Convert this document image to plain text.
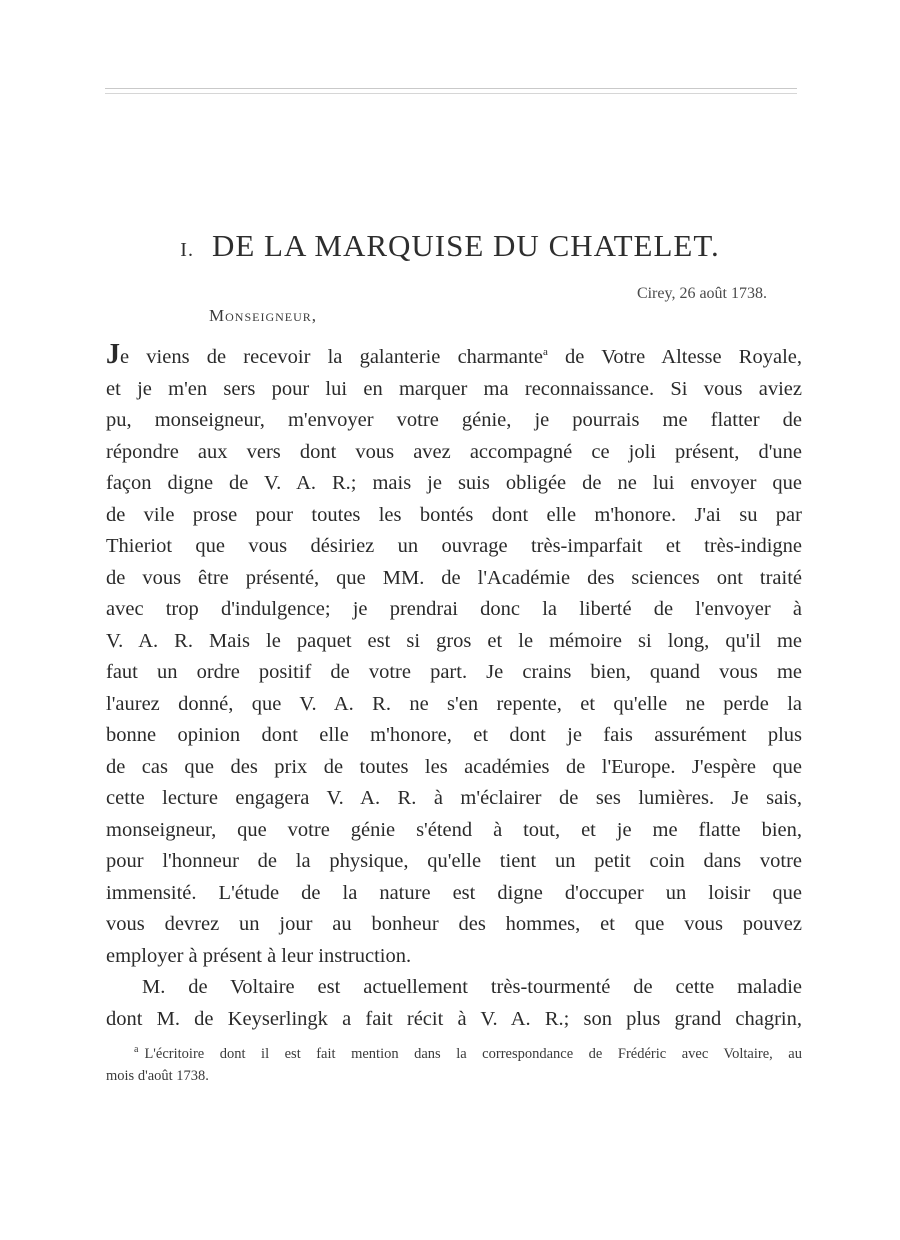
I. DE LA MARQUISE DU CHATELET.
Cirey, 26 août 1738.
Monseigneur,
Je viens de recevoir la galanterie charmante$^a$ de Votre Altesse Royale,
et je m'en sers pour lui en marquer ma reconnaissance. Si vous aviez
pu, monseigneur, m'envoyer votre génie, je pourrais me flatter de
répondre aux vers dont vous avez accompagné ce joli présent, d'une
façon digne de V. A. R.; mais je suis obligée de ne lui envoyer que
de vile prose pour toutes les bontés dont elle m'honore. J'ai su par
Thieriot que vous désiriez un ouvrage très-imparfait et très-indigne
de vous être présenté, que MM. de l'Académie des sciences ont traité
avec trop d'indulgence; je prendrai donc la liberté de l'envoyer à
V. A. R. Mais le paquet est si gros et le mémoire si long, qu'il me
faut un ordre positif de votre part. Je crains bien, quand vous me
l'aurez donné, que V. A. R. ne s'en repente, et qu'elle ne perde la
bonne opinion dont elle m'honore, et dont je fais assurément plus
de cas que des prix de toutes les académies de l'Europe. J'espère que
cette lecture engagera V. A. R. à m'éclairer de ses lumières. Je sais,
monseigneur, que votre génie s'étend à tout, et je me flatte bien,
pour l'honneur de la physique, qu'elle tient un petit coin dans votre
immensité. L'étude de la nature est digne d'occuper un loisir que
vous devrez un jour au bonheur des hommes, et que vous pouvez
employer à présent à leur instruction.
M. de Voltaire est actuellement très-tourmenté de cette maladie
dont M. de Keyserlingk a fait récit à V. A. R.; son plus grand chagrin,
$^a$ L'écritoire dont il est fait mention dans la correspondance de Frédéric avec Voltaire, au
mois d'août 1738.
